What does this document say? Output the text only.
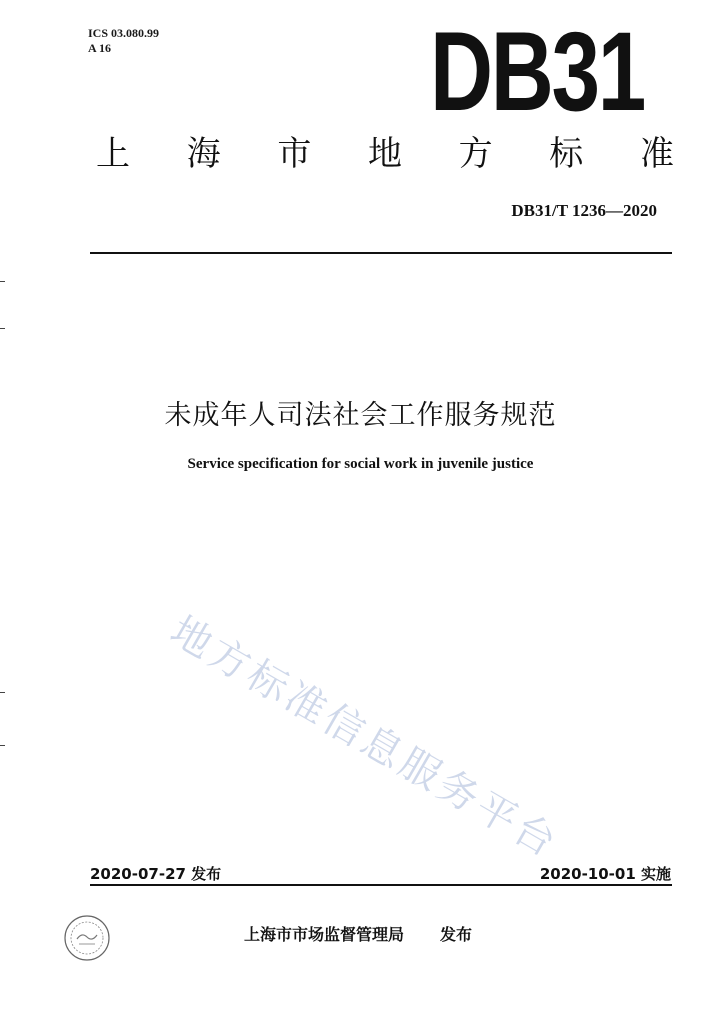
ICS 03.080.99
A 16	DB31
上 海 市 地 方 标 准
DB31/T 1236—2020
未成年人司法社会工作服务规范
Service specification for social work in juvenile justice
地方标准信息服务平台
2020-07-27 发布	2020-10-01 实施
上海市市场监督管理局 发布
